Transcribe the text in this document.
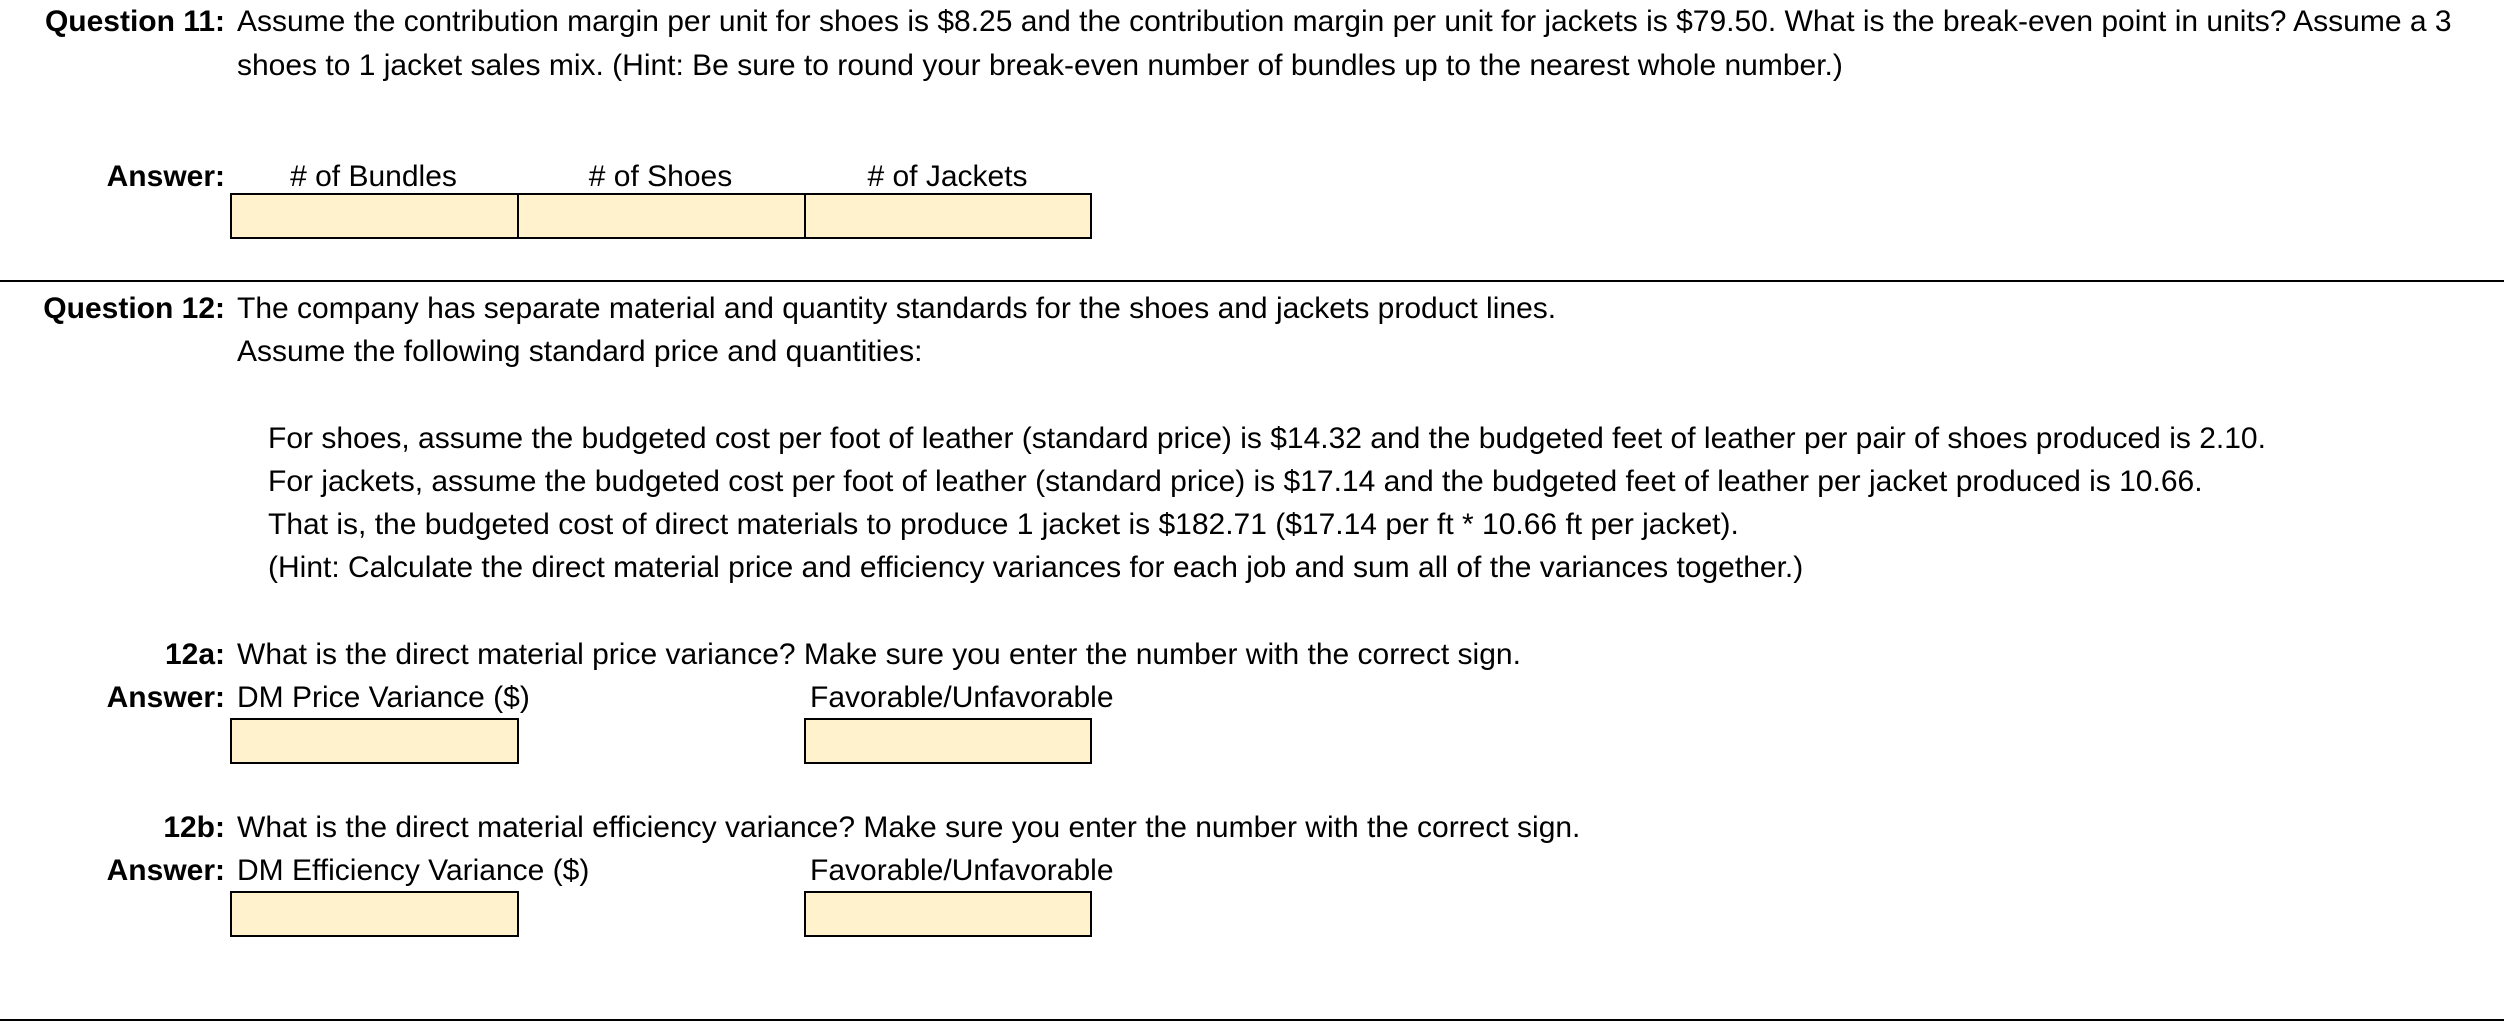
Question 11: Assume the contribution margin per unit for shoes is $8.25 and the contribution margin per unit for jackets is $79.50. What is the break-even point in units? Assume a 3
shoes to 1 jacket sales mix. (Hint: Be sure to round your break-even number of bundles up to the nearest whole number.)
Answer:	# of Bundles	# of Shoes	# of Jackets
Question 12: The company has separate material and quantity standards for the shoes and jackets product lines.
Assume the following standard price and quantities:
For shoes, assume the budgeted cost per foot of leather (standard price) is $14.32 and the budgeted feet of leather per pair of shoes produced is 2.10.
For jackets, assume the budgeted cost per foot of leather (standard price) is $17.14 and the budgeted feet of leather per jacket produced is 10.66.
That is, the budgeted cost of direct materials to produce 1 jacket is $182.71 ($17.14 per ft * 10.66 ft per jacket).
(Hint: Calculate the direct material price and efficiency variances for each job and sum all of the variances together.)
12a: What is the direct material price variance? Make sure you enter the number with the correct sign.
Answer: DM Price Variance ($)	Favorable/Unfavorable
12b: What is the direct material efficiency variance? Make sure you enter the number with the correct sign.
Answer: DM Efficiency Variance ($)	Favorable/Unfavorable
